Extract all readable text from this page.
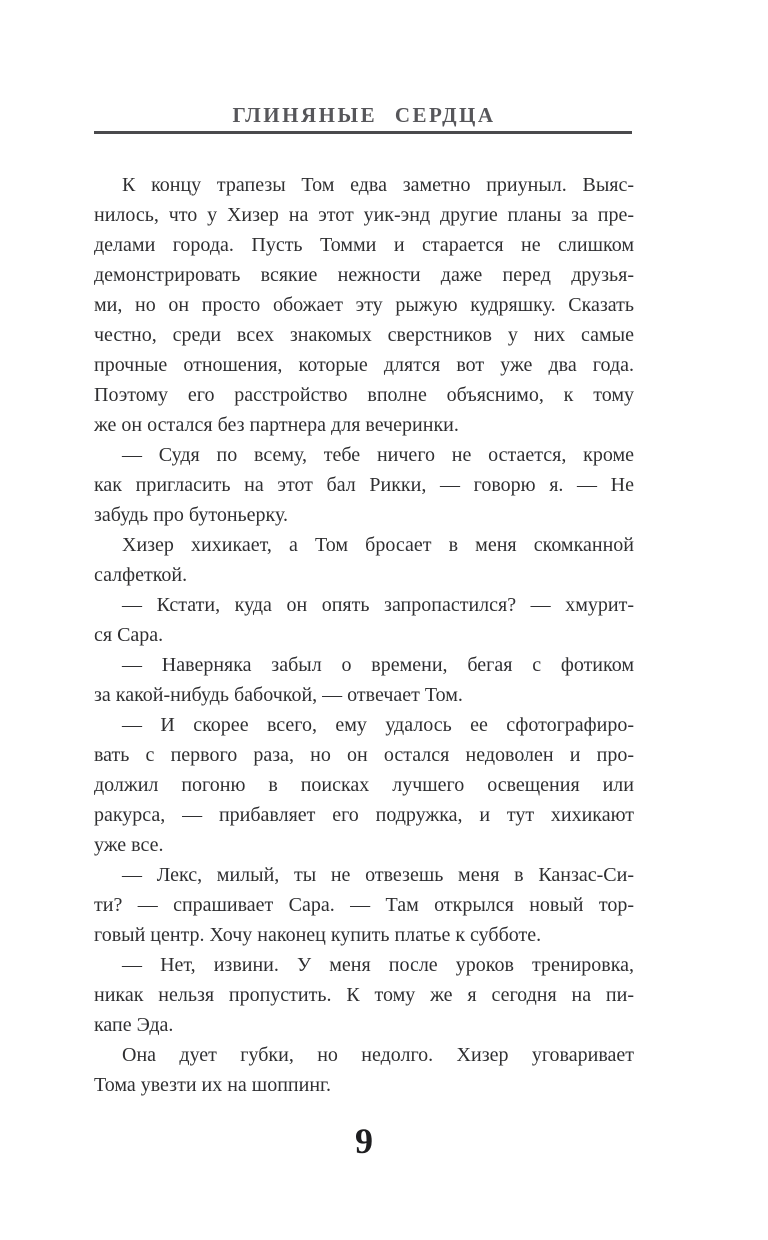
ГЛИНЯНЫЕ СЕРДЦА
К концу трапезы Том едва заметно приуныл. Выяс-
нилось, что у Хизер на этот уик-энд другие планы за пре-
делами города. Пусть Томми и старается не слишком
демонстрировать всякие нежности даже перед друзья-
ми, но он просто обожает эту рыжую кудряшку. Сказать
честно, среди всех знакомых сверстников у них самые
прочные отношения, которые длятся вот уже два года.
Поэтому его расстройство вполне объяснимо, к тому
же он остался без партнера для вечеринки.
— Судя по всему, тебе ничего не остается, кроме
как пригласить на этот бал Рикки, — говорю я. — Не
забудь про бутоньерку.
Хизер хихикает, а Том бросает в меня скомканной
салфеткой.
— Кстати, куда он опять запропастился? — хмурит-
ся Сара.
— Наверняка забыл о времени, бегая с фотиком
за какой-нибудь бабочкой, — отвечает Том.
— И скорее всего, ему удалось ее сфотографиро-
вать с первого раза, но он остался недоволен и про-
должил погоню в поисках лучшего освещения или
ракурса, — прибавляет его подружка, и тут хихикают
уже все.
— Лекс, милый, ты не отвезешь меня в Канзас-Си-
ти? — спрашивает Сара. — Там открылся новый тор-
говый центр. Хочу наконец купить платье к субботе.
— Нет, извини. У меня после уроков тренировка,
никак нельзя пропустить. К тому же я сегодня на пи-
капе Эда.
Она дует губки, но недолго. Хизер уговаривает
Тома увезти их на шоппинг.
9
